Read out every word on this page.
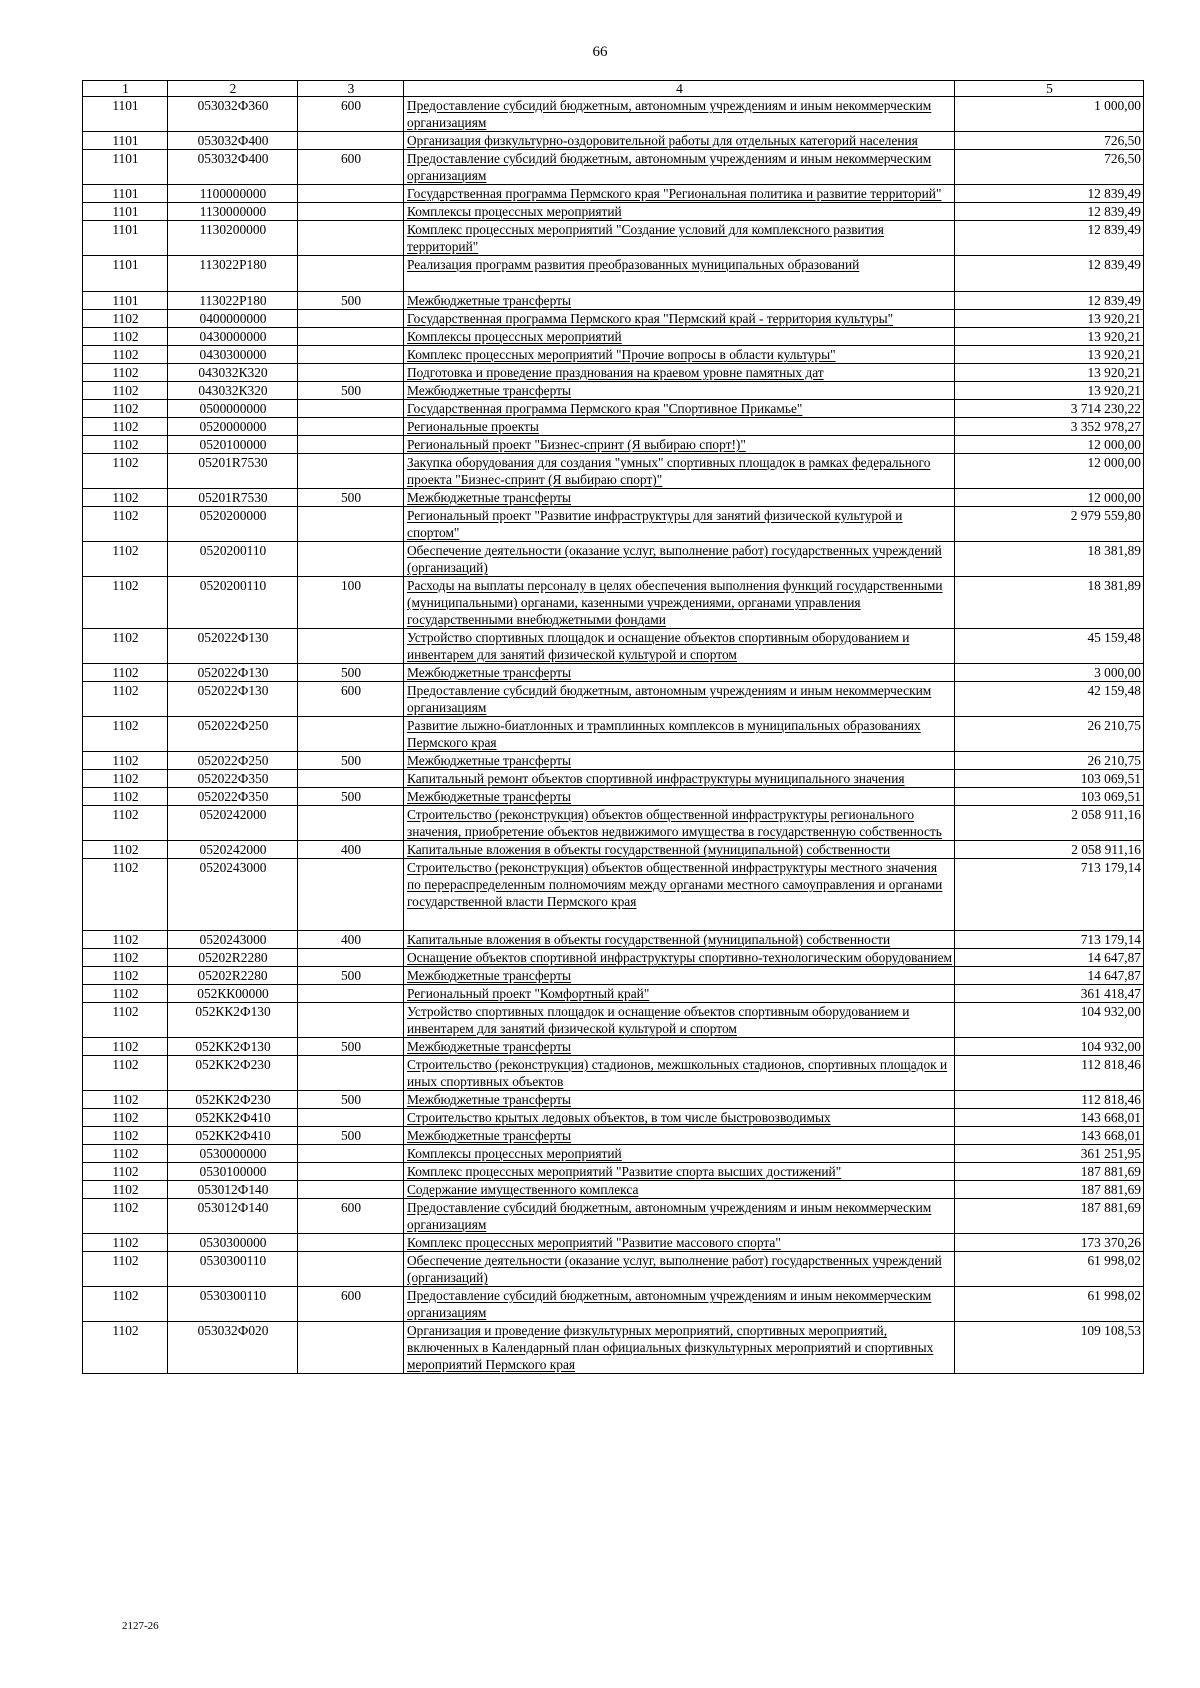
66
1	2	3	4	5
1101	053032Ф360	600	Предоставление субсидий бюджетным, автономным учреждениям и иным некоммерческим организациям	1 000,00
1101	053032Ф400		Организация физкультурно-оздоровительной работы для отдельных категорий населения	726,50
1101	053032Ф400	600	Предоставление субсидий бюджетным, автономным учреждениям и иным некоммерческим организациям	726,50
1101	1100000000		Государственная программа Пермского края "Региональная политика и развитие территорий"	12 839,49
1101	1130000000		Комплексы процессных мероприятий	12 839,49
1101	1130200000		Комплекс процессных мероприятий "Создание условий для комплексного развития территорий"	12 839,49
1101	113022Р180		Реализация программ развития преобразованных муниципальных образований	12 839,49
1101	113022Р180	500	Межбюджетные трансферты	12 839,49
1102	0400000000		Государственная программа Пермского края "Пермский край - территория культуры"	13 920,21
1102	0430000000		Комплексы процессных мероприятий	13 920,21
1102	0430300000		Комплекс процессных мероприятий "Прочие вопросы в области культуры"	13 920,21
1102	043032К320		Подготовка и проведение празднования на краевом уровне памятных дат	13 920,21
1102	043032К320	500	Межбюджетные трансферты	13 920,21
1102	0500000000		Государственная программа Пермского края "Спортивное Прикамье"	3 714 230,22
1102	0520000000		Региональные проекты	3 352 978,27
1102	0520100000		Региональный проект "Бизнес-спринт (Я выбираю спорт!)"	12 000,00
1102	05201R7530		Закупка оборудования для создания "умных" спортивных площадок в рамках федерального проекта "Бизнес-спринт (Я выбираю спорт)"	12 000,00
1102	05201R7530	500	Межбюджетные трансферты	12 000,00
1102	0520200000		Региональный проект "Развитие инфраструктуры для занятий физической культурой и спортом"	2 979 559,80
1102	0520200110		Обеспечение деятельности (оказание услуг, выполнение работ) государственных учреждений (организаций)	18 381,89
1102	0520200110	100	Расходы на выплаты персоналу в целях обеспечения выполнения функций государственными (муниципальными) органами, казенными учреждениями, органами управления государственными внебюджетными фондами	18 381,89
1102	052022Ф130		Устройство спортивных площадок и оснащение объектов спортивным оборудованием и инвентарем для занятий физической культурой и спортом	45 159,48
1102	052022Ф130	500	Межбюджетные трансферты	3 000,00
1102	052022Ф130	600	Предоставление субсидий бюджетным, автономным учреждениям и иным некоммерческим организациям	42 159,48
1102	052022Ф250		Развитие лыжно-биатлонных и трамплинных комплексов в муниципальных образованиях Пермского края	26 210,75
1102	052022Ф250	500	Межбюджетные трансферты	26 210,75
1102	052022Ф350		Капитальный ремонт объектов спортивной инфраструктуры муниципального значения	103 069,51
1102	052022Ф350	500	Межбюджетные трансферты	103 069,51
1102	0520242000		Строительство (реконструкция) объектов общественной инфраструктуры регионального значения, приобретение объектов недвижимого имущества в государственную собственность	2 058 911,16
1102	0520242000	400	Капитальные вложения в объекты государственной (муниципальной) собственности	2 058 911,16
1102	0520243000		Строительство (реконструкция) объектов общественной инфраструктуры местного значения по перераспределенным полномочиям между органами местного самоуправления и органами государственной власти Пермского края	713 179,14
1102	0520243000	400	Капитальные вложения в объекты государственной (муниципальной) собственности	713 179,14
1102	05202R2280		Оснащение объектов спортивной инфраструктуры спортивно-технологическим оборудованием	14 647,87
1102	05202R2280	500	Межбюджетные трансферты	14 647,87
1102	052КК00000		Региональный проект "Комфортный край"	361 418,47
1102	052КК2Ф130		Устройство спортивных площадок и оснащение объектов спортивным оборудованием и инвентарем для занятий физической культурой и спортом	104 932,00
1102	052КК2Ф130	500	Межбюджетные трансферты	104 932,00
1102	052КК2Ф230		Строительство (реконструкция) стадионов, межшкольных стадионов, спортивных площадок и иных спортивных объектов	112 818,46
1102	052КК2Ф230	500	Межбюджетные трансферты	112 818,46
1102	052КК2Ф410		Строительство крытых ледовых объектов, в том числе быстровозводимых	143 668,01
1102	052КК2Ф410	500	Межбюджетные трансферты	143 668,01
1102	0530000000		Комплексы процессных мероприятий	361 251,95
1102	0530100000		Комплекс процессных мероприятий "Развитие спорта высших достижений"	187 881,69
1102	053012Ф140		Содержание имущественного комплекса	187 881,69
1102	053012Ф140	600	Предоставление субсидий бюджетным, автономным учреждениям и иным некоммерческим организациям	187 881,69
1102	0530300000		Комплекс процессных мероприятий "Развитие массового спорта"	173 370,26
1102	0530300110		Обеспечение деятельности (оказание услуг, выполнение работ) государственных учреждений (организаций)	61 998,02
1102	0530300110	600	Предоставление субсидий бюджетным, автономным учреждениям и иным некоммерческим организациям	61 998,02
1102	053032Ф020		Организация и проведение физкультурных мероприятий, спортивных мероприятий, включенных в Календарный план официальных физкультурных мероприятий и спортивных мероприятий Пермского края	109 108,53
2127-26
